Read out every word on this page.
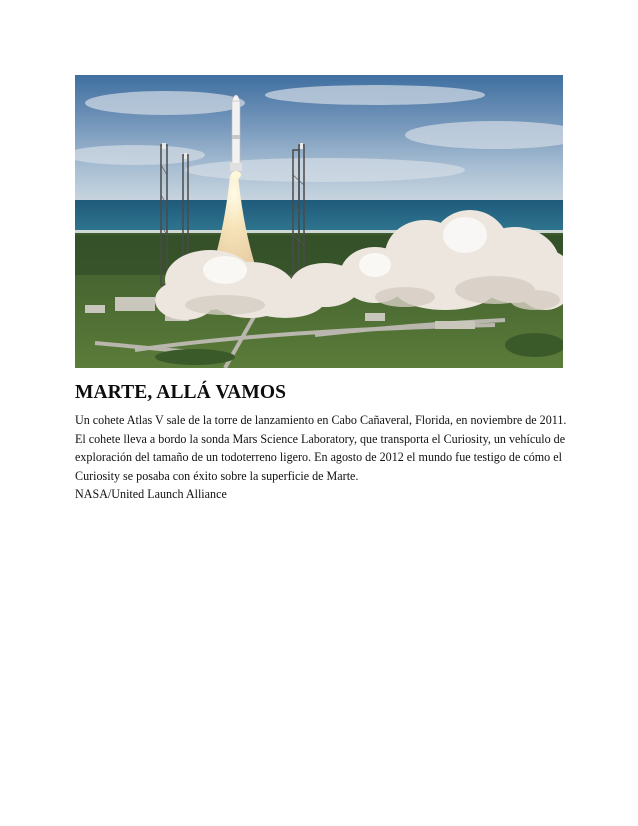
MARTE, ALLÁ VAMOS

Un cohete Atlas V sale de la torre de lanzamiento en Cabo Cañaveral, Florida, en noviembre de 2011.
El cohete lleva a bordo la sonda Mars Science Laboratory, que transporta el Curiosity, un vehículo de
exploración del tamaño de un todoterreno ligero. En agosto de 2012 el mundo fue testigo de cómo el
Curiosity se posaba con éxito sobre la superficie de Marte.
NASA/United Launch Alliance
